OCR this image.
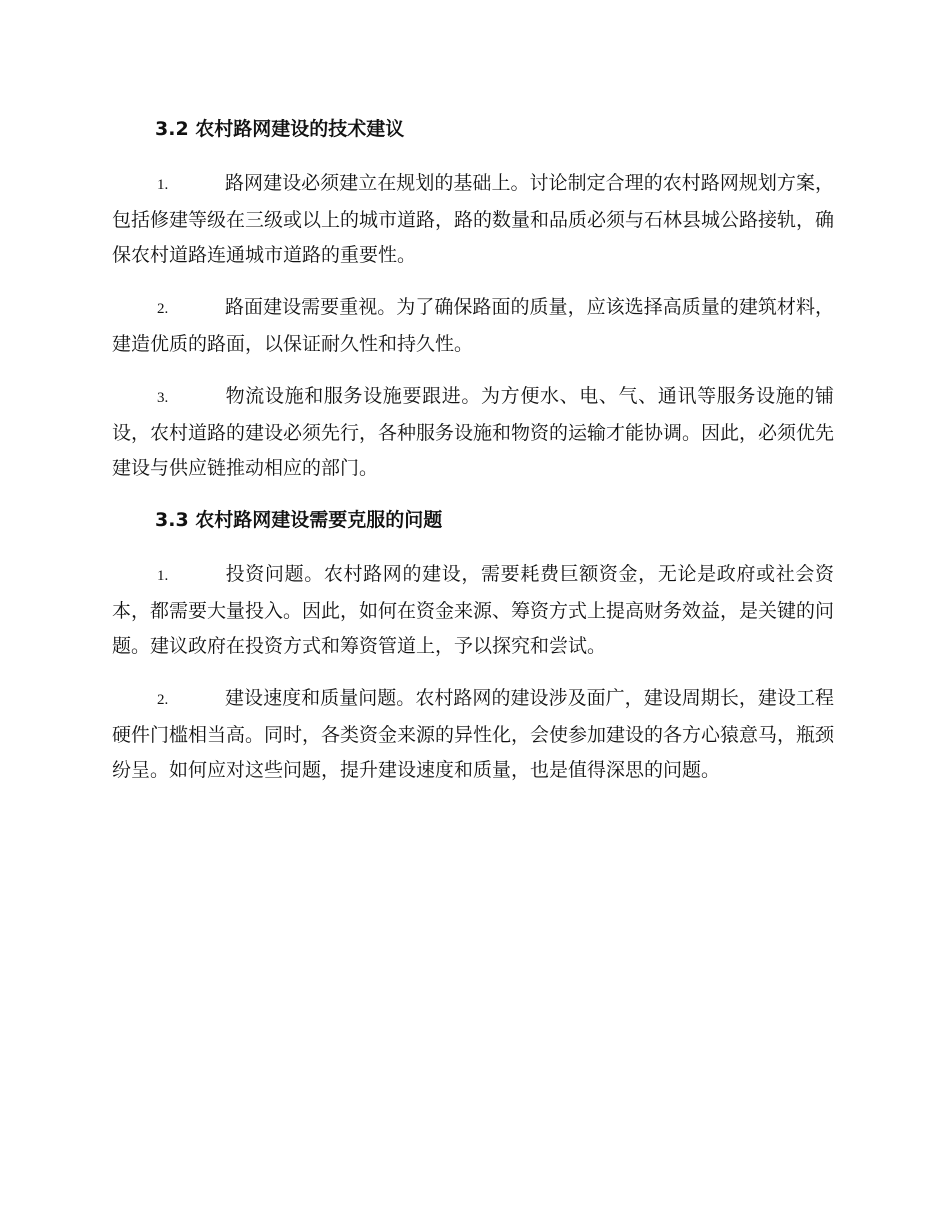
3.2 农村路网建设的技术建议

1.	路网建设必须建立在规划的基础上。讨论制定合理的农村路网规划方案，包括修建等级在三级或以上的城市道路，路的数量和品质必须与石林县城公路接轨，确保农村道路连通城市道路的重要性。

2.	路面建设需要重视。为了确保路面的质量，应该选择高质量的建筑材料，建造优质的路面，以保证耐久性和持久性。

3.	物流设施和服务设施要跟进。为方便水、电、气、通讯等服务设施的铺设，农村道路的建设必须先行，各种服务设施和物资的运输才能协调。因此，必须优先建设与供应链推动相应的部门。

3.3 农村路网建设需要克服的问题

1.	投资问题。农村路网的建设，需要耗费巨额资金，无论是政府或社会资本，都需要大量投入。因此，如何在资金来源、筹资方式上提高财务效益，是关键的问题。建议政府在投资方式和筹资管道上，予以探究和尝试。

2.	建设速度和质量问题。农村路网的建设涉及面广，建设周期长，建设工程硬件门槛相当高。同时，各类资金来源的异性化，会使参加建设的各方心猿意马，瓶颈纷呈。如何应对这些问题，提升建设速度和质量，也是值得深思的问题。
